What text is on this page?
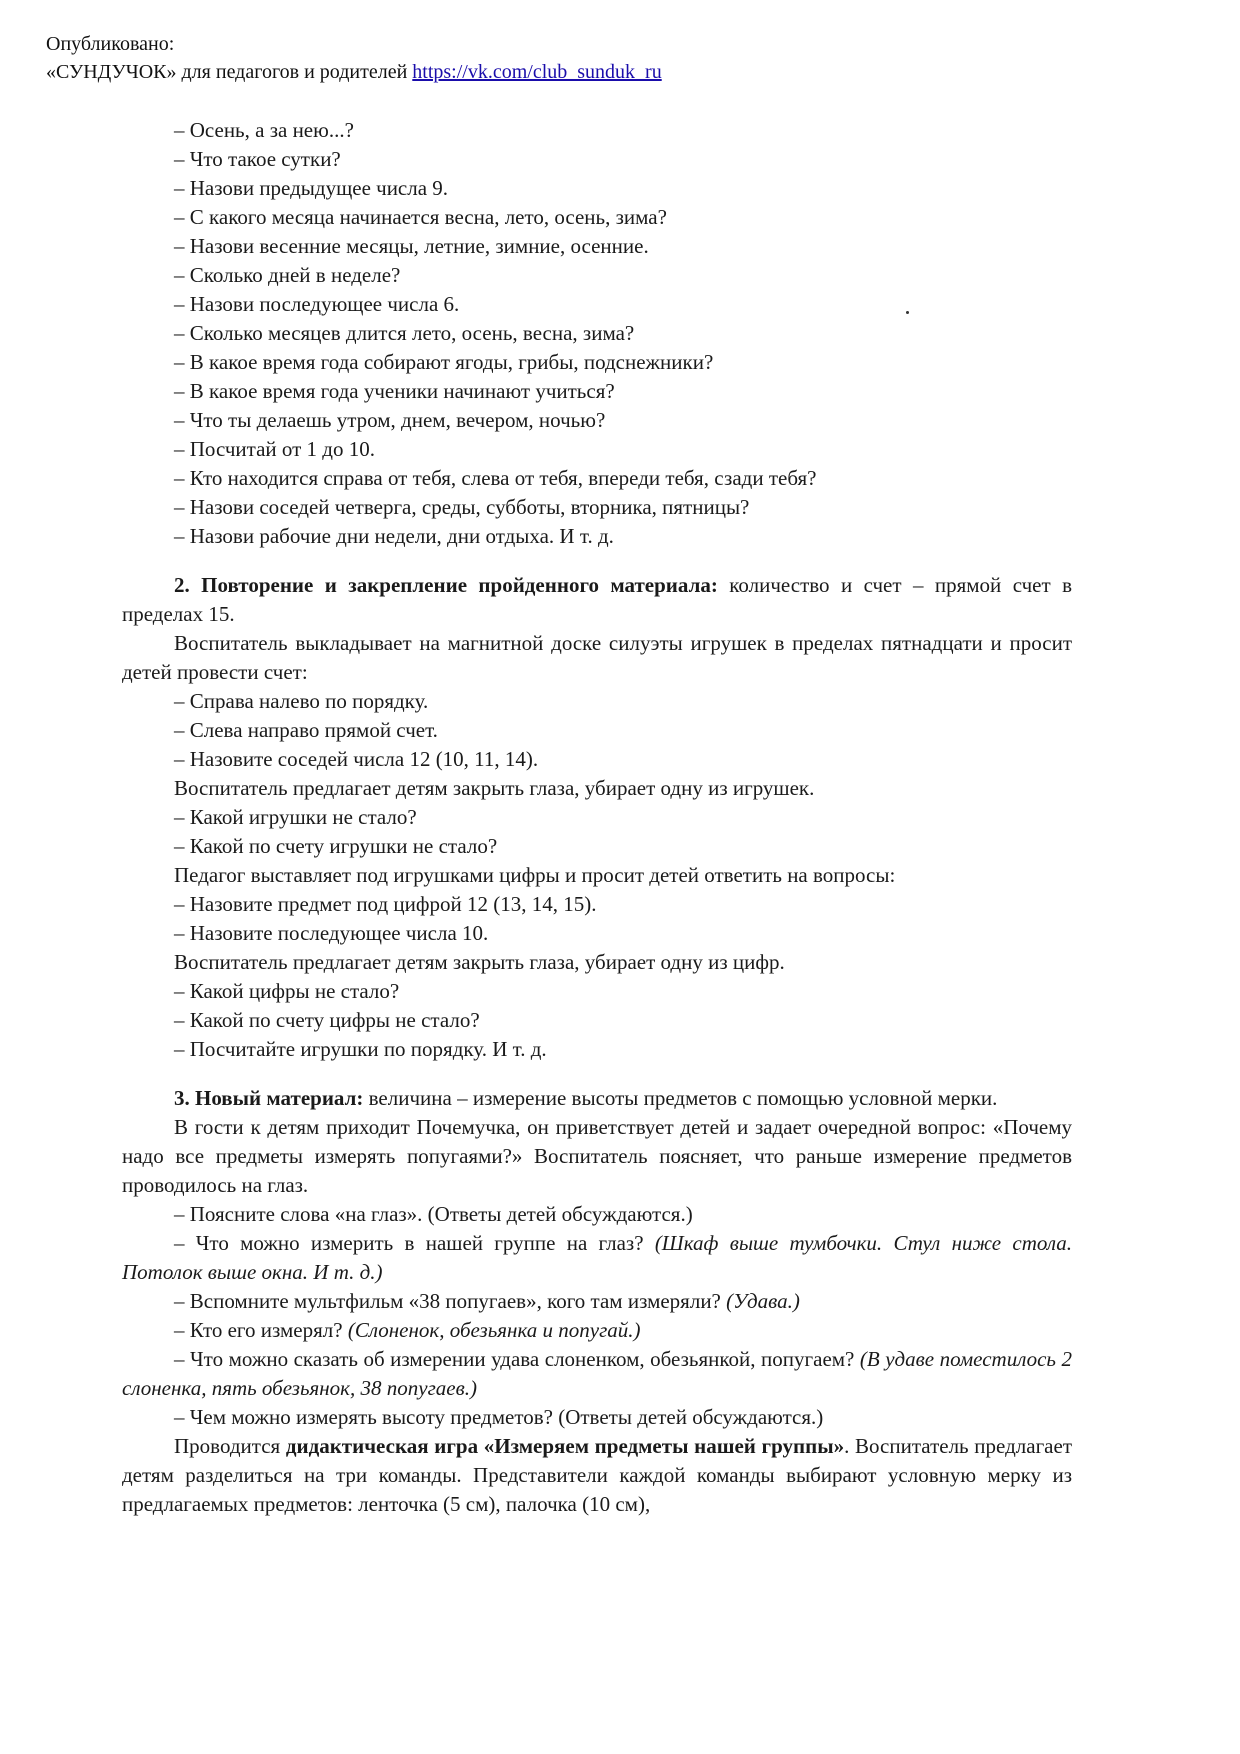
Опубликовано:
«СУНДУЧОК» для педагогов и родителей https://vk.com/club_sunduk_ru
– Осень, а за нею...?
– Что такое сутки?
– Назови предыдущее числа 9.
– С какого месяца начинается весна, лето, осень, зима?
– Назови весенние месяцы, летние, зимние, осенние.
– Сколько дней в неделе?
– Назови последующее числа 6.
– Сколько месяцев длится лето, осень, весна, зима?
– В какое время года собирают ягоды, грибы, подснежники?
– В какое время года ученики начинают учиться?
– Что ты делаешь утром, днем, вечером, ночью?
– Посчитай от 1 до 10.
– Кто находится справа от тебя, слева от тебя, впереди тебя, сзади тебя?
– Назови соседей четверга, среды, субботы, вторника, пятницы?
– Назови рабочие дни недели, дни отдыха. И т. д.
2. Повторение и закрепление пройденного материала: количество и счет – прямой счет в пределах 15.
Воспитатель выкладывает на магнитной доске силуэты игрушек в пределах пятнадцати и просит детей провести счет:
– Справа налево по порядку.
– Слева направо прямой счет.
– Назовите соседей числа 12 (10, 11, 14).
Воспитатель предлагает детям закрыть глаза, убирает одну из игрушек.
– Какой игрушки не стало?
– Какой по счету игрушки не стало?
Педагог выставляет под игрушками цифры и просит детей ответить на вопросы:
– Назовите предмет под цифрой 12 (13, 14, 15).
– Назовите последующее числа 10.
Воспитатель предлагает детям закрыть глаза, убирает одну из цифр.
– Какой цифры не стало?
– Какой по счету цифры не стало?
– Посчитайте игрушки по порядку. И т. д.
3. Новый материал: величина – измерение высоты предметов с помощью условной мерки.
В гости к детям приходит Почемучка, он приветствует детей и задает очередной вопрос: «Почему надо все предметы измерять попугаями?» Воспитатель поясняет, что раньше измерение предметов проводилось на глаз.
– Поясните слова «на глаз». (Ответы детей обсуждаются.)
– Что можно измерить в нашей группе на глаз? (Шкаф выше тумбочки. Стул ниже стола. Потолок выше окна. И т. д.)
– Вспомните мультфильм «38 попугаев», кого там измеряли? (Удава.)
– Кто его измерял? (Слоненок, обезьянка и попугай.)
– Что можно сказать об измерении удава слоненком, обезьянкой, попугаем? (В удаве поместилось 2 слоненка, пять обезьянок, 38 попугаев.)
– Чем можно измерять высоту предметов? (Ответы детей обсуждаются.)
Проводится дидактическая игра «Измеряем предметы нашей группы». Воспитатель предлагает детям разделиться на три команды. Представители каждой команды выбирают условную мерку из предлагаемых предметов: ленточка (5 см), палочка (10 см),
